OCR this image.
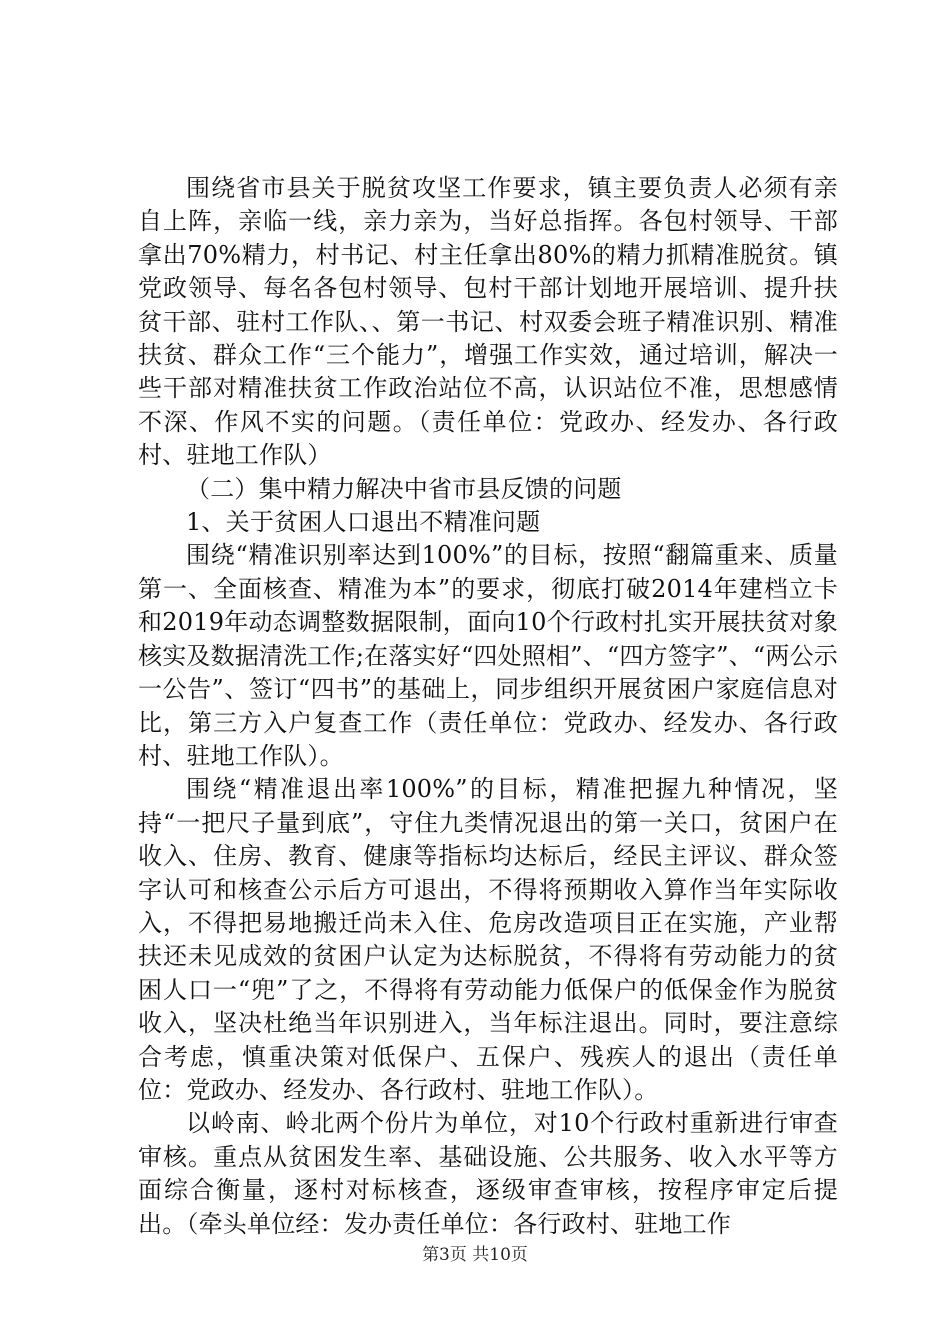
围绕省市县关于脱贫攻坚工作要求，镇主要负责人必须有亲自上阵，亲临一线，亲力亲为，当好总指挥。各包村领导、干部拿出70%精力，村书记、村主任拿出80%的精力抓精准脱贫。镇党政领导、每名各包村领导、包村干部计划地开展培训、提升扶贫干部、驻村工作队、、第一书记、村双委会班子精准识别、精准扶贫、群众工作“三个能力”，增强工作实效，通过培训，解决一些干部对精准扶贫工作政治站位不高，认识站位不准，思想感情不深、作风不实的问题。（责任单位：党政办、经发办、各行政村、驻地工作队）

（二）集中精力解决中省市县反馈的问题

1、关于贫困人口退出不精准问题

围绕“精准识别率达到100%”的目标，按照“翻篇重来、质量第一、全面核查、精准为本”的要求，彻底打破2014年建档立卡和2019年动态调整数据限制，面向10个行政村扎实开展扶贫对象核实及数据清洗工作;在落实好“四处照相”、“四方签字”、“两公示一公告”、签订“四书”的基础上，同步组织开展贫困户家庭信息对比，第三方入户复查工作（责任单位：党政办、经发办、各行政村、驻地工作队）。

围绕“精准退出率100%”的目标，精准把握九种情况，坚持“一把尺子量到底”，守住九类情况退出的第一关口，贫困户在收入、住房、教育、健康等指标均达标后，经民主评议、群众签字认可和核查公示后方可退出，不得将预期收入算作当年实际收入，不得把易地搬迁尚未入住、危房改造项目正在实施，产业帮扶还未见成效的贫困户认定为达标脱贫，不得将有劳动能力的贫困人口一“兜”了之，不得将有劳动能力低保户的低保金作为脱贫收入，坚决杜绝当年识别进入，当年标注退出。同时，要注意综合考虑，慎重决策对低保户、五保户、残疾人的退出（责任单位：党政办、经发办、各行政村、驻地工作队）。

以岭南、岭北两个份片为单位，对10个行政村重新进行审查审核。重点从贫困发生率、基础设施、公共服务、收入水平等方面综合衡量，逐村对标核查，逐级审查审核，按程序审定后提出。（牵头单位经：发办责任单位：各行政村、驻地工作

第3页 共10页
